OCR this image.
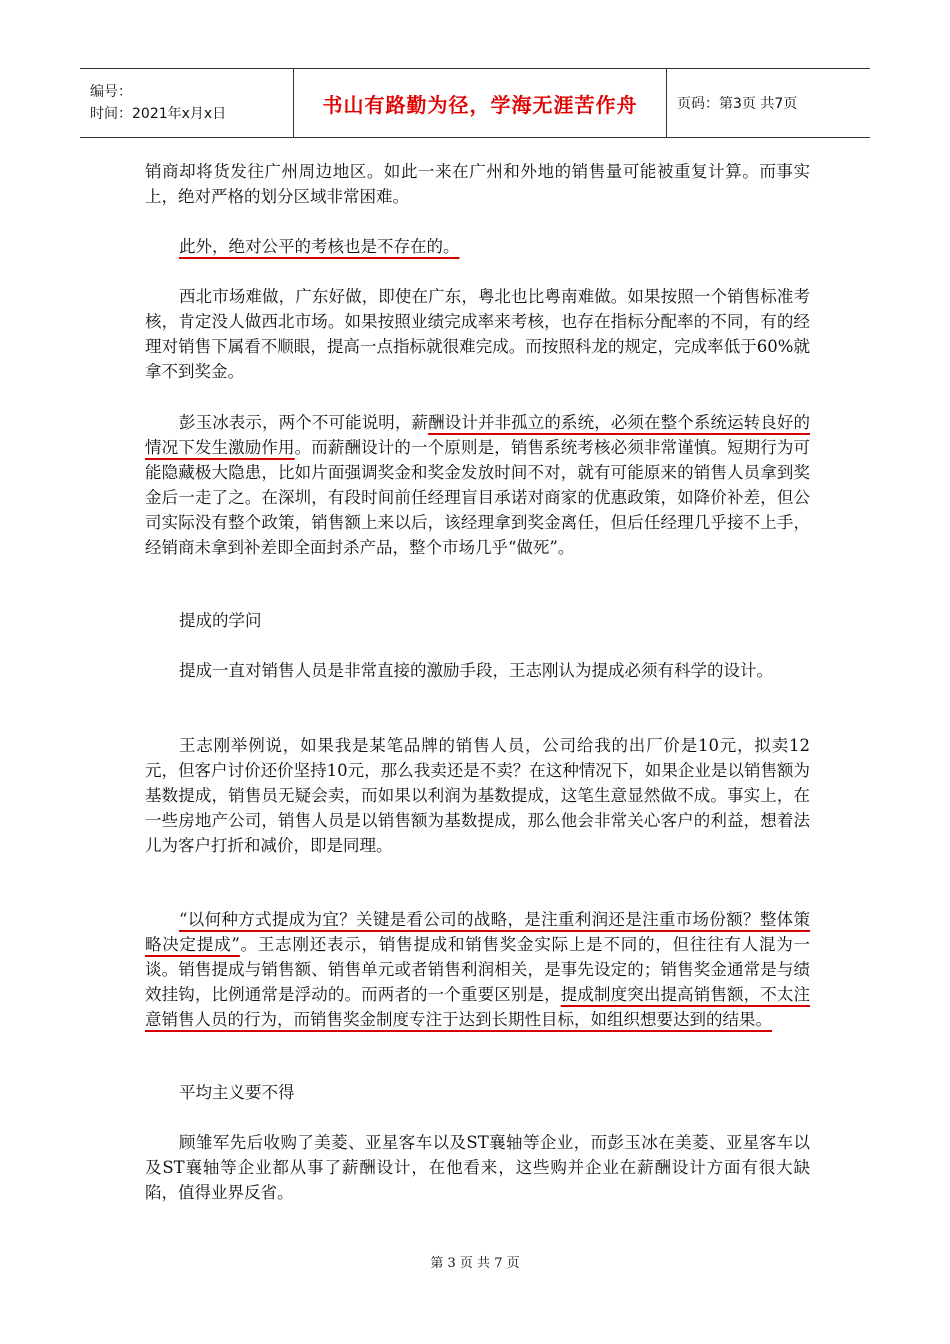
编号：
时间：2021年x月x日	书山有路勤为径，学海无涯苦作舟	页码：第3页 共7页

销商却将货发往广州周边地区。如此一来在广州和外地的销售量可能被重复计算。而事实上，绝对严格的划分区域非常困难。

此外，绝对公平的考核也是不存在的。

西北市场难做，广东好做，即使在广东，粤北也比粤南难做。如果按照一个销售标准考核，肯定没人做西北市场。如果按照业绩完成率来考核，也存在指标分配率的不同，有的经理对销售下属看不顺眼，提高一点指标就很难完成。而按照科龙的规定，完成率低于60%就拿不到奖金。

彭玉冰表示，两个不可能说明，薪酬设计并非孤立的系统，必须在整个系统运转良好的情况下发生激励作用。而薪酬设计的一个原则是，销售系统考核必须非常谨慎。短期行为可能隐藏极大隐患，比如片面强调奖金和奖金发放时间不对，就有可能原来的销售人员拿到奖金后一走了之。在深圳，有段时间前任经理盲目承诺对商家的优惠政策，如降价补差，但公司实际没有整个政策，销售额上来以后，该经理拿到奖金离任，但后任经理几乎接不上手，经销商未拿到补差即全面封杀产品，整个市场几乎“做死”。

提成的学问

提成一直对销售人员是非常直接的激励手段，王志刚认为提成必须有科学的设计。

王志刚举例说，如果我是某笔品牌的销售人员，公司给我的出厂价是10元，拟卖12元，但客户讨价还价坚持10元，那么我卖还是不卖？在这种情况下，如果企业是以销售额为基数提成，销售员无疑会卖，而如果以利润为基数提成，这笔生意显然做不成。事实上，在一些房地产公司，销售人员是以销售额为基数提成，那么他会非常关心客户的利益，想着法儿为客户打折和减价，即是同理。

“以何种方式提成为宜？关键是看公司的战略，是注重利润还是注重市场份额？整体策略决定提成”。王志刚还表示，销售提成和销售奖金实际上是不同的，但往往有人混为一谈。销售提成与销售额、销售单元或者销售利润相关，是事先设定的；销售奖金通常是与绩效挂钩，比例通常是浮动的。而两者的一个重要区别是，提成制度突出提高销售额，不太注意销售人员的行为，而销售奖金制度专注于达到长期性目标，如组织想要达到的结果。

平均主义要不得

顾雏军先后收购了美菱、亚星客车以及ST襄轴等企业，而彭玉冰在美菱、亚星客车以及ST襄轴等企业都从事了薪酬设计，在他看来，这些购并企业在薪酬设计方面有很大缺陷，值得业界反省。

第 3 页 共 7 页
